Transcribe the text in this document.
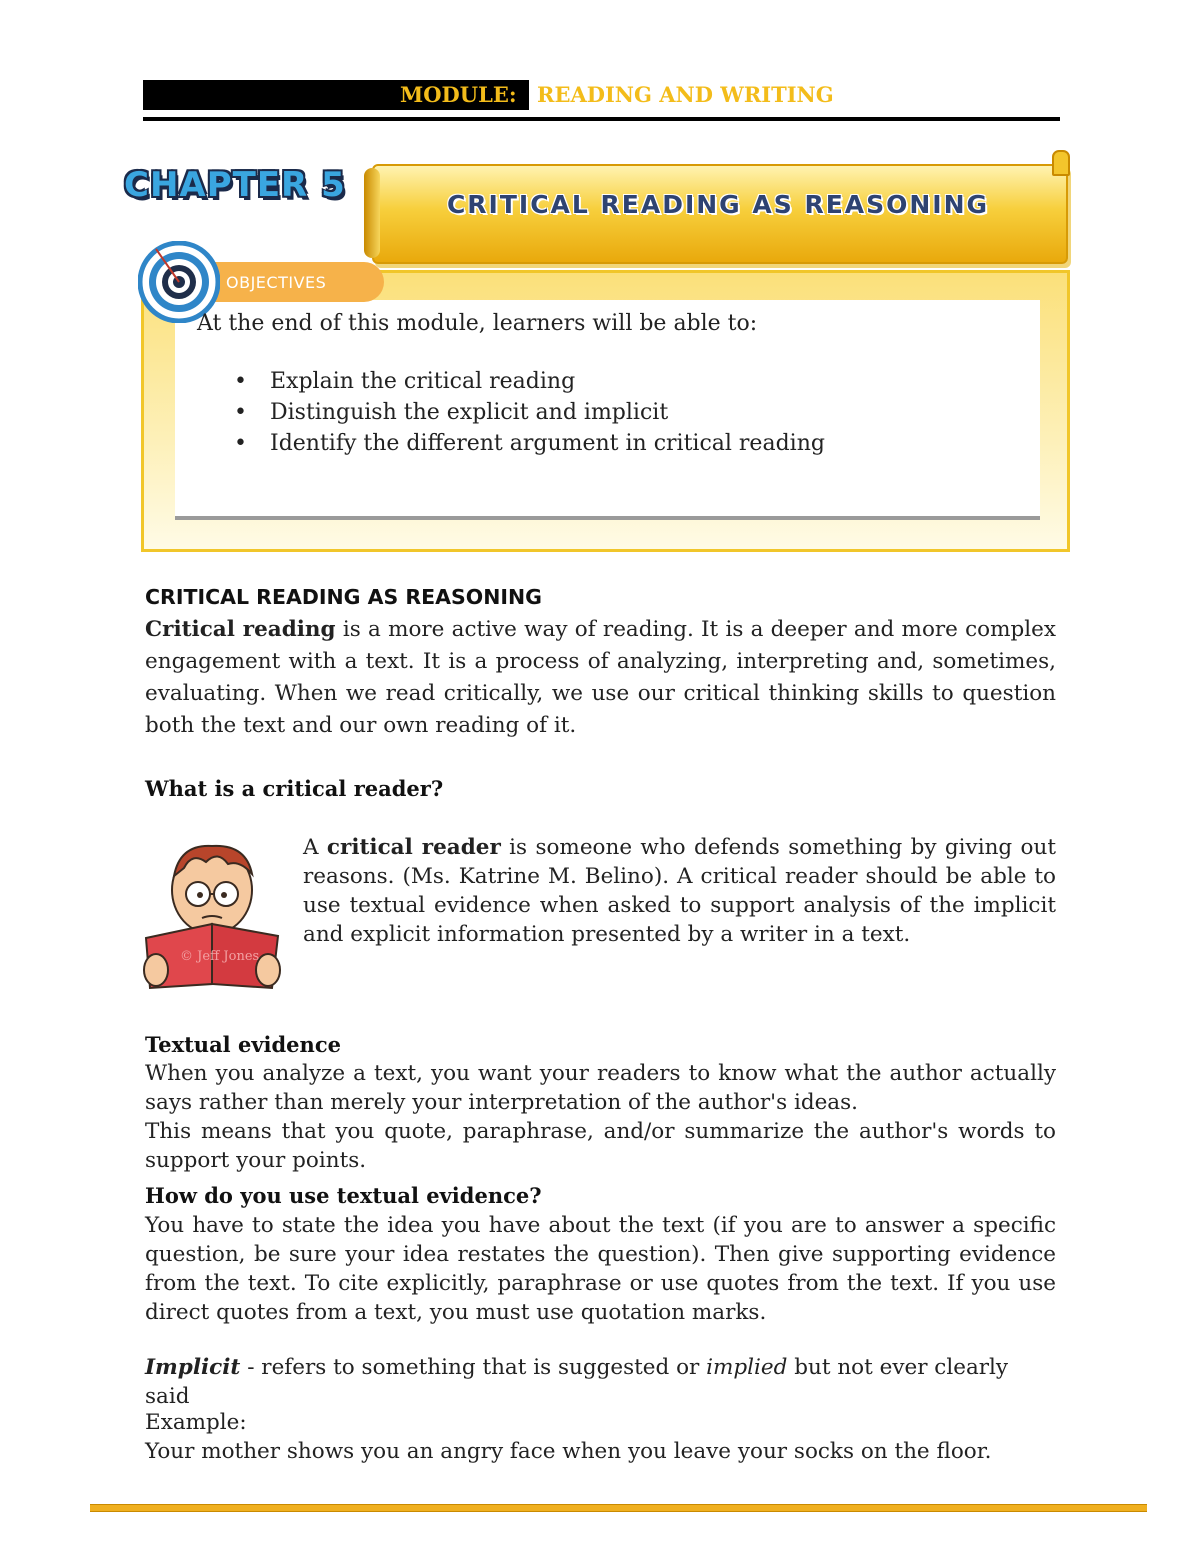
MODULE: READING AND WRITING
CHAPTER 5	CRITICAL READING AS REASONING
OBJECTIVES
At the end of this module, learners will be able to:
• Explain the critical reading
• Distinguish the explicit and implicit
• Identify the different argument in critical reading
CRITICAL READING AS REASONING
Critical reading is a more active way of reading. It is a deeper and more complex engagement with a text. It is a process of analyzing, interpreting and, sometimes, evaluating. When we read critically, we use our critical thinking skills to question both the text and our own reading of it.
What is a critical reader?
© Jeff Jones
A critical reader is someone who defends something by giving out reasons. (Ms. Katrine M. Belino). A critical reader should be able to use textual evidence when asked to support analysis of the implicit and explicit information presented by a writer in a text.
Textual evidence
When you analyze a text, you want your readers to know what the author actually says rather than merely your interpretation of the author's ideas.
This means that you quote, paraphrase, and/or summarize the author's words to support your points.
How do you use textual evidence?
You have to state the idea you have about the text (if you are to answer a specific question, be sure your idea restates the question). Then give supporting evidence from the text. To cite explicitly, paraphrase or use quotes from the text. If you use direct quotes from a text, you must use quotation marks.
Implicit - refers to something that is suggested or implied but not ever clearly said
Example:
Your mother shows you an angry face when you leave your socks on the floor.
